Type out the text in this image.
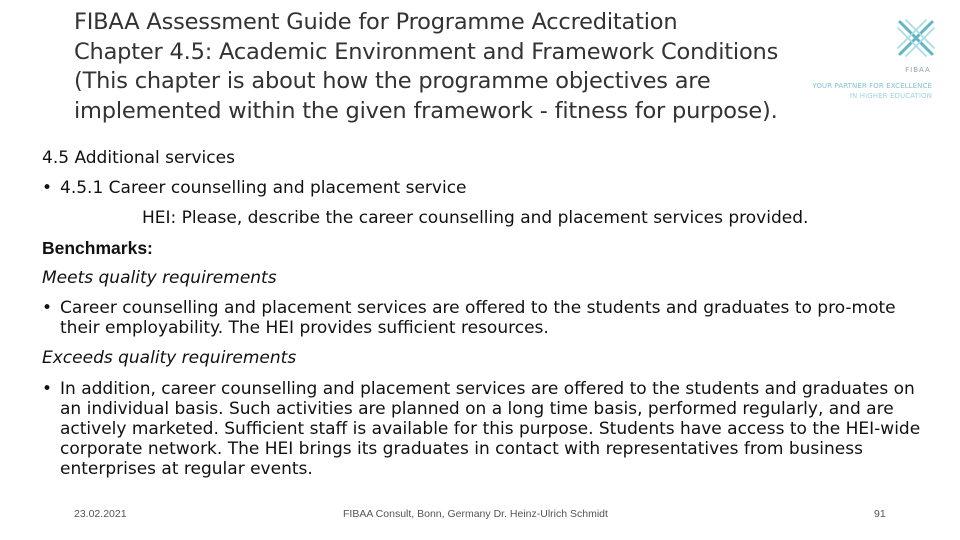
FIBAA Assessment Guide for Programme Accreditation
Chapter 4.5: Academic Environment and Framework Conditions
(This chapter is about how the programme objectives are
implemented within the given framework - fitness for purpose).
FIBAA
YOUR PARTNER FOR EXCELLENCE
IN HIGHER EDUCATION
4.5 Additional services
• 4.5.1 Career counselling and placement service
HEI: Please, describe the career counselling and placement services provided.
Benchmarks:
Meets quality requirements
• Career counselling and placement services are offered to the students and graduates to pro-mote their employability. The HEI provides sufficient resources.
Exceeds quality requirements
• In addition, career counselling and placement services are offered to the students and graduates on an individual basis. Such activities are planned on a long time basis, performed regularly, and are actively marketed. Sufficient staff is available for this purpose. Students have access to the HEI-wide corporate network. The HEI brings its graduates in contact with representatives from business enterprises at regular events.
23.02.2021	FIBAA Consult, Bonn, Germany Dr. Heinz-Ulrich Schmidt	91
